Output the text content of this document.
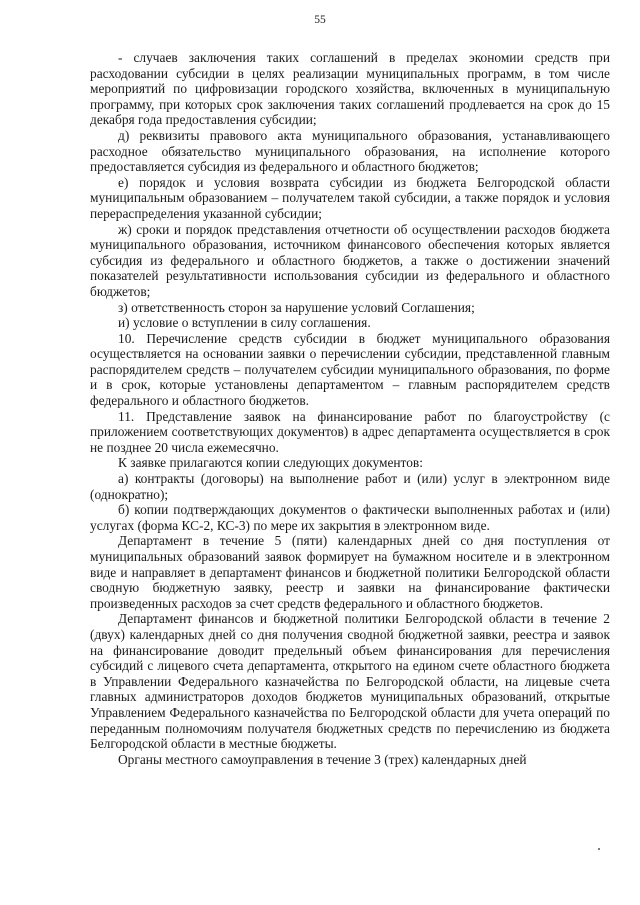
55

- случаев заключения таких соглашений в пределах экономии средств при расходовании субсидии в целях реализации муниципальных программ, в том числе мероприятий по цифровизации городского хозяйства, включенных в муниципальную программу, при которых срок заключения таких соглашений продлевается на срок до 15 декабря года предоставления субсидии;

д) реквизиты правового акта муниципального образования, устанавливающего расходное обязательство муниципального образования, на исполнение которого предоставляется субсидия из федерального и областного бюджетов;

е) порядок и условия возврата субсидии из бюджета Белгородской области муниципальным образованием – получателем такой субсидии, а также порядок и условия перераспределения указанной субсидии;

ж) сроки и порядок представления отчетности об осуществлении расходов бюджета муниципального образования, источником финансового обеспечения которых является субсидия из федерального и областного бюджетов, а также о достижении значений показателей результативности использования субсидии из федерального и областного бюджетов;

з) ответственность сторон за нарушение условий Соглашения;

и) условие о вступлении в силу соглашения.

10. Перечисление средств субсидии в бюджет муниципального образования осуществляется на основании заявки о перечислении субсидии, представленной главным распорядителем средств – получателем субсидии муниципального образования, по форме и в срок, которые установлены департаментом – главным распорядителем средств федерального и областного бюджетов.

11. Представление заявок на финансирование работ по благоустройству (с приложением соответствующих документов) в адрес департамента осуществляется в срок не позднее 20 числа ежемесячно.

К заявке прилагаются копии следующих документов:

а) контракты (договоры) на выполнение работ и (или) услуг в электронном виде (однократно);

б) копии подтверждающих документов о фактически выполненных работах и (или) услугах (форма КС-2, КС-3) по мере их закрытия в электронном виде.

Департамент в течение 5 (пяти) календарных дней со дня поступления от муниципальных образований заявок формирует на бумажном носителе и в электронном виде и направляет в департамент финансов и бюджетной политики Белгородской области сводную бюджетную заявку, реестр и заявки на финансирование фактически произведенных расходов за счет средств федерального и областного бюджетов.

Департамент финансов и бюджетной политики Белгородской области в течение 2 (двух) календарных дней со дня получения сводной бюджетной заявки, реестра и заявок на финансирование доводит предельный объем финансирования для перечисления субсидий с лицевого счета департамента, открытого на едином счете областного бюджета в Управлении Федерального казначейства по Белгородской области, на лицевые счета главных администраторов доходов бюджетов муниципальных образований, открытые Управлением Федерального казначейства по Белгородской области для учета операций по переданным полномочиям получателя бюджетных средств по перечислению из бюджета Белгородской области в местные бюджеты.

Органы местного самоуправления в течение 3 (трех) календарных дней
